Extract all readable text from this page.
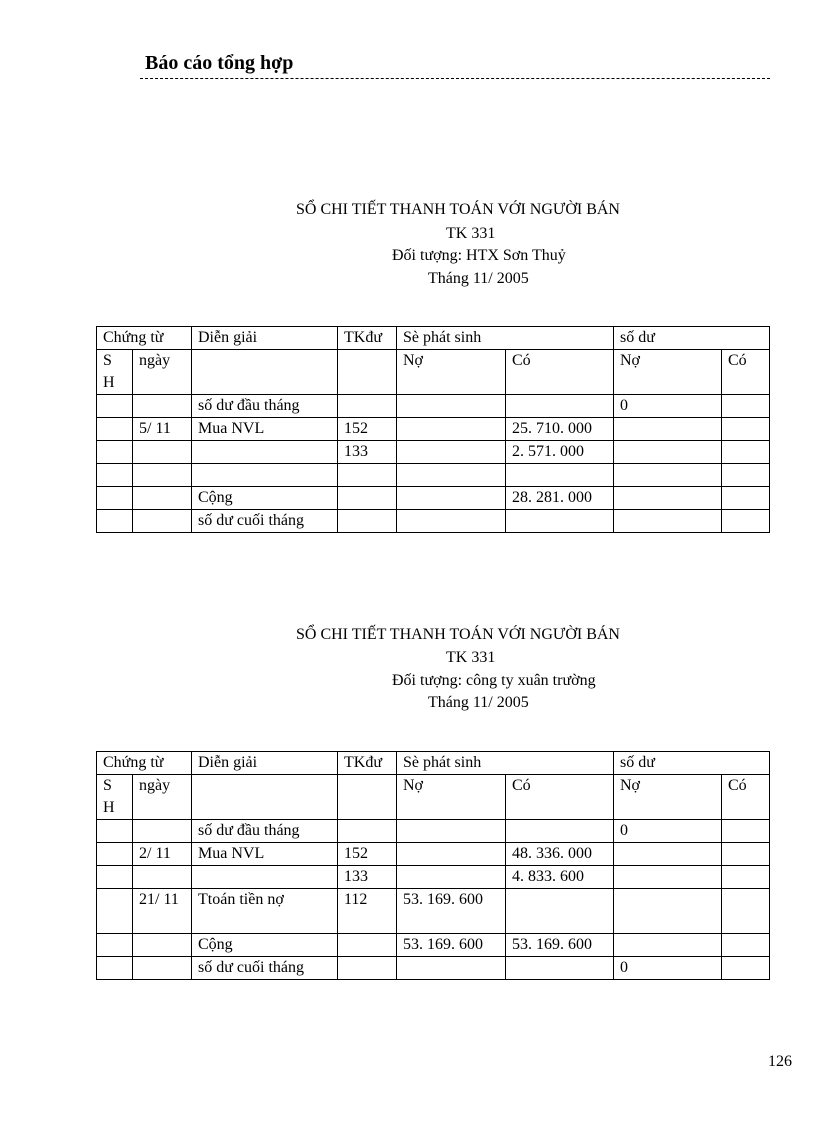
Báo cáo tổng hợp
SỔ CHI TIẾT THANH TOÁN VỚI NGƯỜI BÁN
TK 331
Đối tượng: HTX Sơn Thuỷ
Tháng 11/ 2005
Chứng từ		Diễn giải	TKđư	Sè phát sinh		số dư	
S H	ngày			Nợ	Có	Nợ	Có
		số dư đầu tháng				0	
	5/ 11	Mua NVL	152		25. 710. 000		
			133		2. 571. 000		

		Cộng			28. 281. 000		
		số dư cuối tháng					
SỔ CHI TIẾT THANH TOÁN VỚI NGƯỜI BÁN
TK 331
Đối tượng: công ty xuân trường
Tháng 11/ 2005
Chứng từ		Diễn giải	TKđư	Sè phát sinh		số dư	
S H	ngày			Nợ	Có	Nợ	Có
		số dư đầu tháng				0	
	2/ 11	Mua NVL	152		48. 336. 000		
			133		4. 833. 600		
	21/ 11	Ttoán tiền nợ	112	53. 169. 600			
		Cộng		53. 169. 600	53. 169. 600		
		số dư cuối tháng				0	
126
